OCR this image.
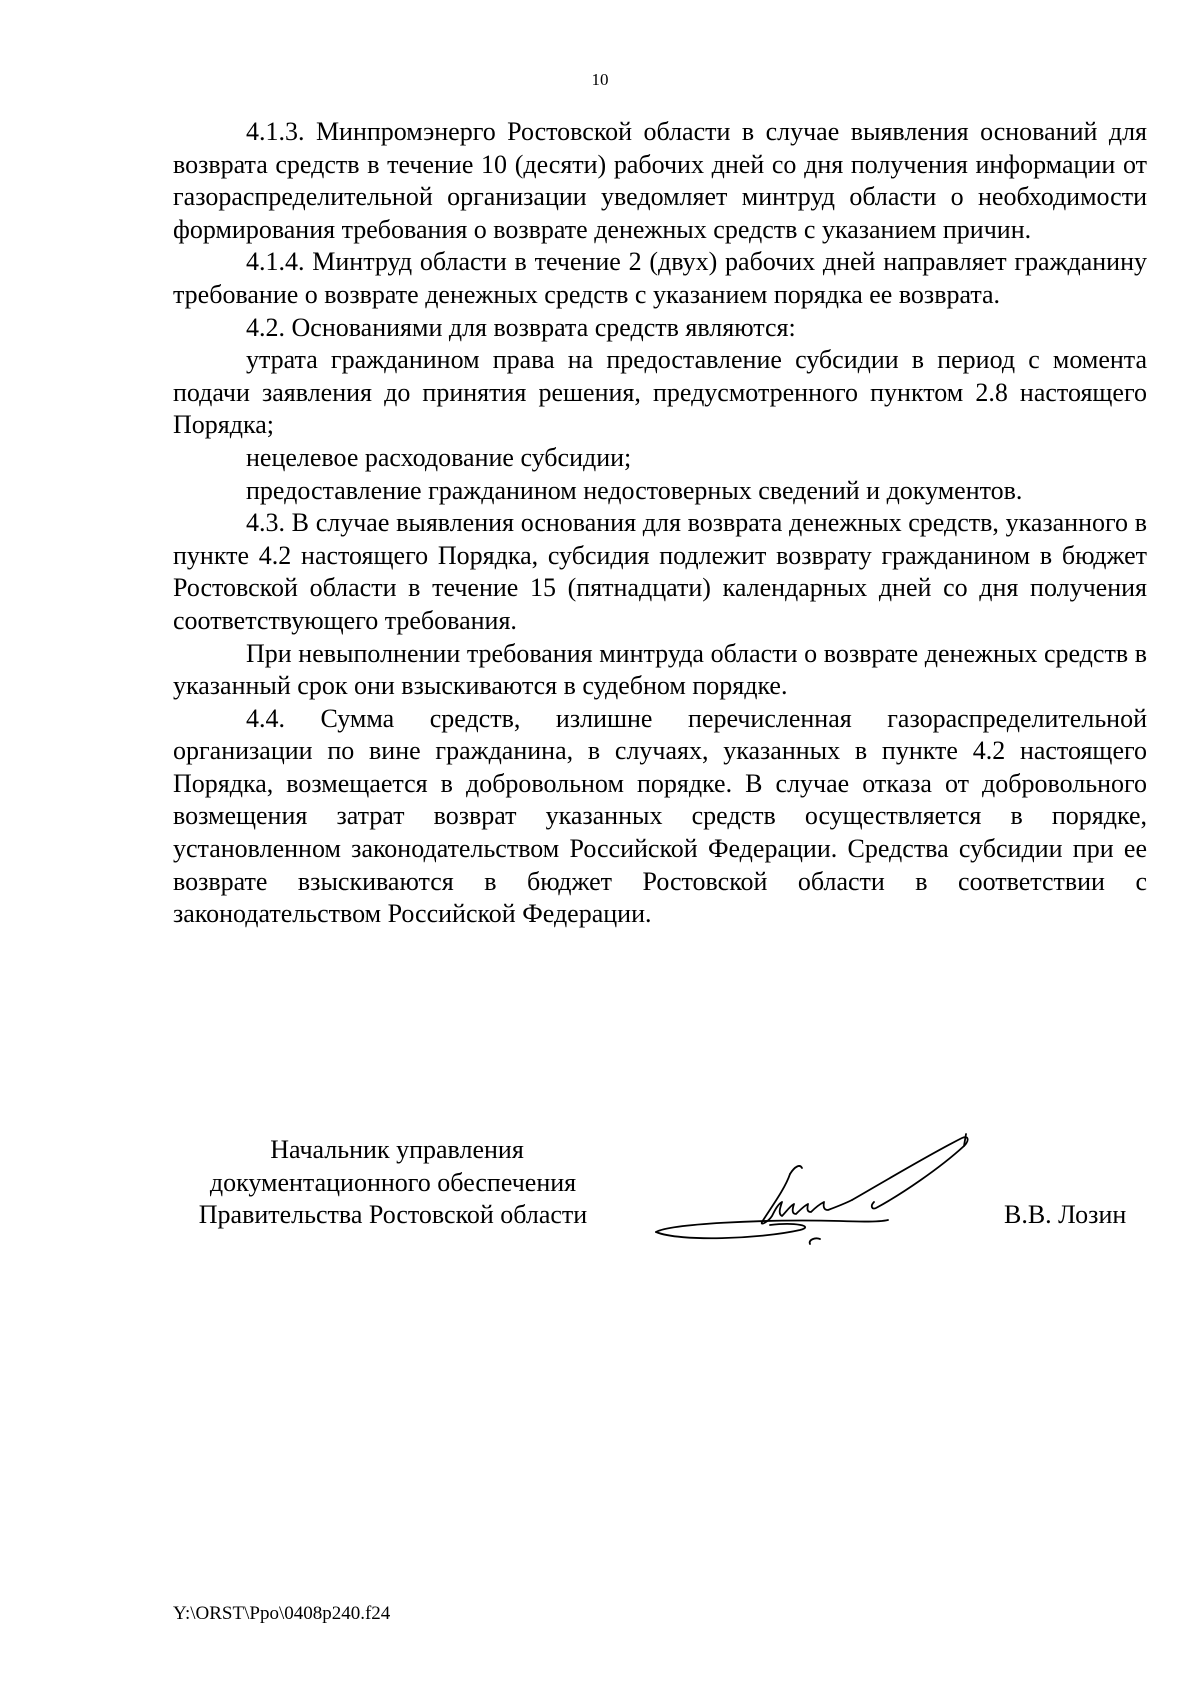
10

4.1.3. Минпромэнерго Ростовской области в случае выявления оснований для возврата средств в течение 10 (десяти) рабочих дней со дня получения информации от газораспределительной организации уведомляет минтруд области о необходимости формирования требования о возврате денежных средств с указанием причин.

4.1.4. Минтруд области в течение 2 (двух) рабочих дней направляет гражданину требование о возврате денежных средств с указанием порядка ее возврата.

4.2. Основаниями для возврата средств являются:

утрата гражданином права на предоставление субсидии в период с момента подачи заявления до принятия решения, предусмотренного пунктом 2.8 настоящего Порядка;

нецелевое расходование субсидии;

предоставление гражданином недостоверных сведений и документов.

4.3. В случае выявления основания для возврата денежных средств, указанного в пункте 4.2 настоящего Порядка, субсидия подлежит возврату гражданином в бюджет Ростовской области в течение 15 (пятнадцати) календарных дней со дня получения соответствующего требования.

При невыполнении требования минтруда области о возврате денежных средств в указанный срок они взыскиваются в судебном порядке.

4.4. Сумма средств, излишне перечисленная газораспределительной организации по вине гражданина, в случаях, указанных в пункте 4.2 настоящего Порядка, возмещается в добровольном порядке. В случае отказа от добровольного возмещения затрат возврат указанных средств осуществляется в порядке, установленном законодательством Российской Федерации. Средства субсидии при ее возврате взыскиваются в бюджет Ростовской области в соответствии с законодательством Российской Федерации.

Начальник управления
документационного обеспечения
Правительства Ростовской области	В.В. Лозин
Y:\ORST\Ppo\0408p240.f24
